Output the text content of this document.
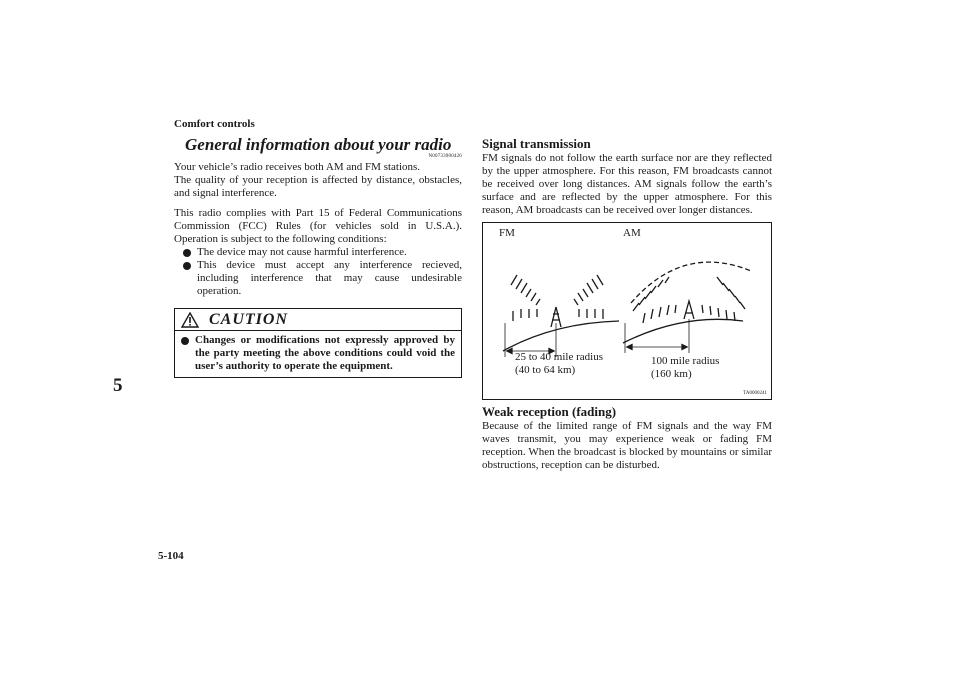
Comfort controls
5
5-104
General information about your radio
N00733900426

Your vehicle’s radio receives both AM and FM stations.

The quality of your reception is affected by distance, obstacles, and signal interference.

This radio complies with Part 15 of Federal Communications Commission (FCC) Rules (for vehicles sold in U.S.A.). Operation is subject to the following conditions:

The device may not cause harmful interference.
This device must accept any interference recieved, including interference that may cause undesirable operation.
CAUTION
Changes or modifications not expressly approved by the party meeting the above conditions could void the user’s authority to operate the equipment.
Signal transmission

FM signals do not follow the earth surface nor are they reflected by the upper atmosphere. For this reason, FM broadcasts cannot be received over long distances. AM signals follow the earth’s surface and are reflected by the upper atmosphere. For this reason, AM broadcasts can be received over longer distances.

FM	AM
25 to 40 mile radius
(40 to 64 km)
100 mile radius
(160 km)
TA0000241
Weak reception (fading)

Because of the limited range of FM signals and the way FM waves transmit, you may experience weak or fading FM reception. When the broadcast is blocked by mountains or similar obstructions, reception can be disturbed.
